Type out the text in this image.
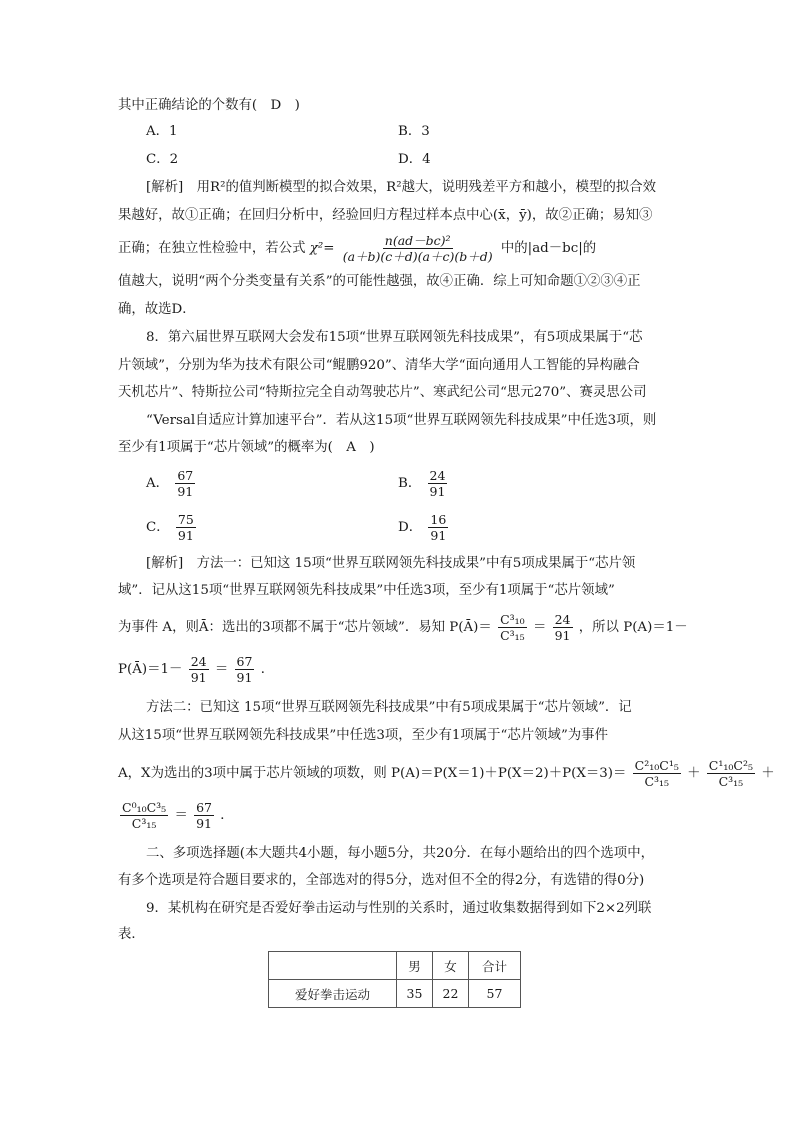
其中正确结论的个数有(　D　)
A．1	B．3
C．2	D．4
[解析]　用R²的值判断模型的拟合效果，R²越大，说明残差平方和越小，模型的拟合效
果越好，故①正确；在回归分析中，经验回归方程过样本点中心(x̄，ȳ)，故②正确；易知③
正确；在独立性检验中，若公式 $\chi^2= \frac{\text{n(ad－bc)²}}{(a+b)(c+d)(a+c)(b+d)}$ 中的|ad－bc|的
值越大，说明“两个分类变量有关系”的可能性越强，故④正确．综上可知命题①②③④正
确，故选D．
8．第六届世界互联网大会发布15项“世界互联网领先科技成果”，有5项成果属于“芯
片领域”，分别为华为技术有限公司“鲲鹏920”、清华大学“面向通用人工智能的异构融合
天机芯片”、特斯拉公司“特斯拉完全自动驾驶芯片”、寒武纪公司“思元270”、赛灵思公司
“Versal自适应计算加速平台”．若从这15项“世界互联网领先科技成果”中任选3项，则
至少有1项属于“芯片领域”的概率为(　A　)
A． $\frac{67}{91}$	B． $\frac{24}{91}$
C． $\frac{75}{91}$	D． $\frac{16}{91}$
[解析]　方法一：已知这 15项“世界互联网领先科技成果”中有5项成果属于“芯片领
域”．记从这15项“世界互联网领先科技成果”中任选3项，至少有1项属于“芯片领域”
为事件 A，则Ā：选出的3项都不属于“芯片领域”．易知 P(Ā)＝ $\frac{\text{C³₁₀}}{\text{C³₁₅}} = \frac{24}{91}$ ，所以 P(A)＝1－
P(Ā)＝1－ $\frac{24}{91} = \frac{67}{91}$ ．
方法二：已知这 15项“世界互联网领先科技成果”中有5项成果属于“芯片领域”．记
从这15项“世界互联网领先科技成果”中任选3项，至少有1项属于“芯片领域”为事件
A，X为选出的3项中属于芯片领域的项数，则 $P(A)=P(X=1)+P(X=2)+P(X=3)= \frac{\text{C²₁₀C¹₅}}{\text{C³₁₅}} + \frac{\text{C¹₁₀C²₅}}{\text{C³₁₅}}$ ＋
$\frac{\text{C⁰₁₀C³₅}}{\text{C³₁₅}} = \frac{67}{91}$ ．
二、多项选择题(本大题共4小题，每小题5分，共20分．在每小题给出的四个选项中，
有多个选项是符合题目要求的，全部选对的得5分，选对但不全的得2分，有选错的得0分)
9．某机构在研究是否爱好拳击运动与性别的关系时，通过收集数据得到如下2×2列联
表．
	男	女	合计
爱好拳击运动	35	22	57
